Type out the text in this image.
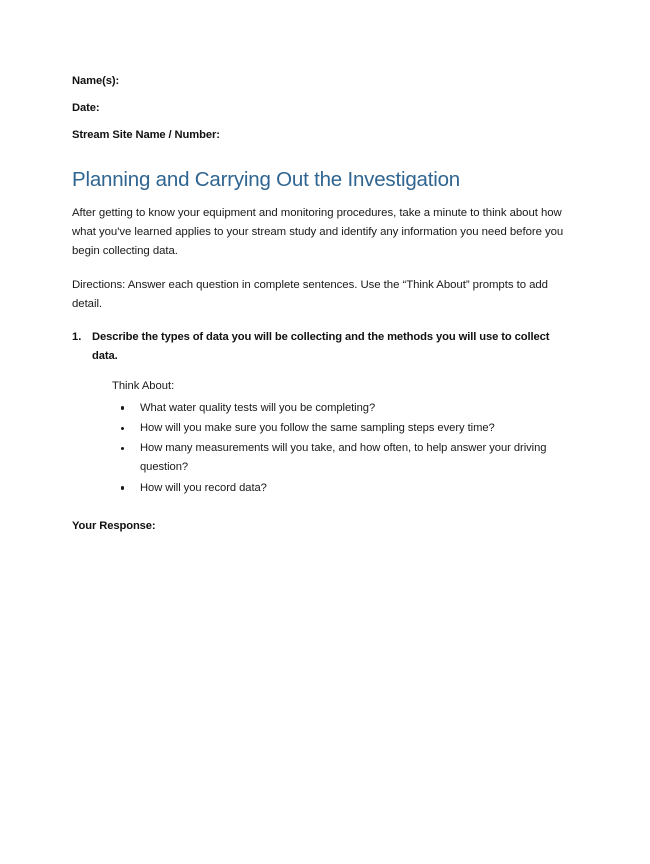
Name(s):
Date:
Stream Site Name / Number:
Planning and Carrying Out the Investigation

After getting to know your equipment and monitoring procedures, take a minute to think about how what you've learned applies to your stream study and identify any information you need before you begin collecting data.

Directions: Answer each question in complete sentences. Use the “Think About” prompts to add detail.

1. Describe the types of data you will be collecting and the methods you will use to collect data.
Think About:
What water quality tests will you be completing?
How will you make sure you follow the same sampling steps every time?
How many measurements will you take, and how often, to help answer your driving question?
How will you record data?
Your Response:
